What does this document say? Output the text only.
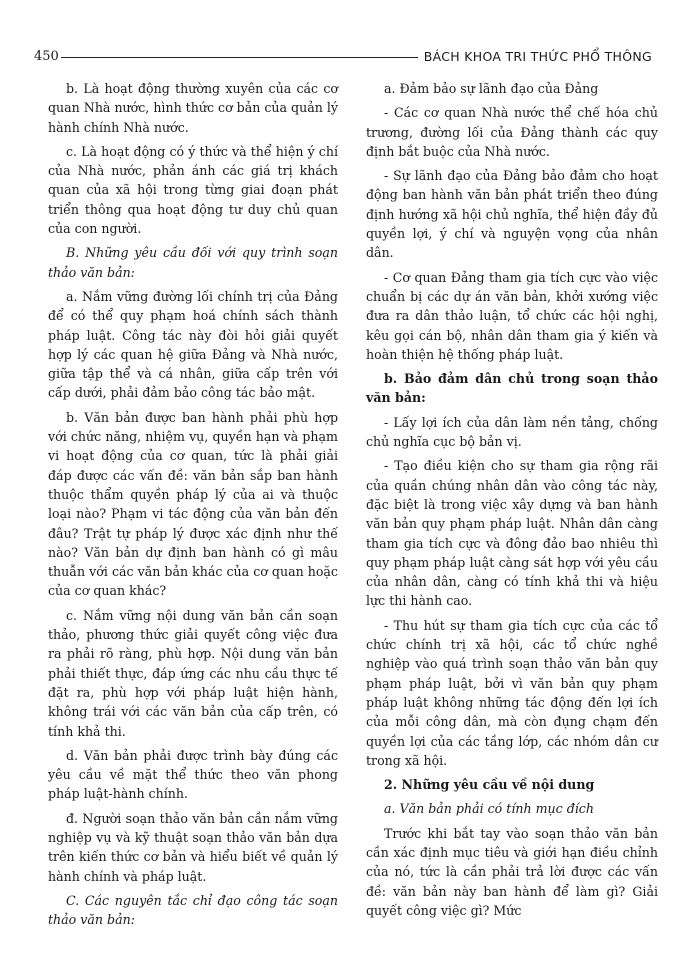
450	BÁCH KHOA TRI THỨC PHỔ THÔNG

b. Là hoạt động thường xuyên của các cơ quan Nhà nước, hình thức cơ bản của quản lý hành chính Nhà nước.

c. Là hoạt động có ý thức và thể hiện ý chí của Nhà nước, phản ánh các giá trị khách quan của xã hội trong từng giai đoạn phát triển thông qua hoạt động tư duy chủ quan của con người.

B. Những yêu cầu đối với quy trình soạn thảo văn bản:

a. Nắm vững đường lối chính trị của Đảng để có thể quy phạm hoá chính sách thành pháp luật. Công tác này đòi hỏi giải quyết hợp lý các quan hệ giữa Đảng và Nhà nước, giữa tập thể và cá nhân, giữa cấp trên với cấp dưới, phải đảm bảo công tác bảo mật.

b. Văn bản được ban hành phải phù hợp với chức năng, nhiệm vụ, quyền hạn và phạm vi hoạt động của cơ quan, tức là phải giải đáp được các vấn đề: văn bản sắp ban hành thuộc thẩm quyền pháp lý của ai và thuộc loại nào? Phạm vi tác động của văn bản đến đâu? Trật tự pháp lý được xác định như thế nào? Văn bản dự định ban hành có gì mâu thuẫn với các văn bản khác của cơ quan hoặc của cơ quan khác?

c. Nắm vững nội dung văn bản cần soạn thảo, phương thức giải quyết công việc đưa ra phải rõ ràng, phù hợp. Nội dung văn bản phải thiết thực, đáp ứng các nhu cầu thực tế đặt ra, phù hợp với pháp luật hiện hành, không trái với các văn bản của cấp trên, có tính khả thi.

d. Văn bản phải được trình bày đúng các yêu cầu về mặt thể thức theo văn phong pháp luật-hành chính.

đ. Người soạn thảo văn bản cần nắm vững nghiệp vụ và kỹ thuật soạn thảo văn bản dựa trên kiến thức cơ bản và hiểu biết về quản lý hành chính và pháp luật.

C. Các nguyên tắc chỉ đạo công tác soạn thảo văn bản:

a. Đảm bảo sự lãnh đạo của Đảng

- Các cơ quan Nhà nước thể chế hóa chủ trương, đường lối của Đảng thành các quy định bắt buộc của Nhà nước.

- Sự lãnh đạo của Đảng bảo đảm cho hoạt động ban hành văn bản phát triển theo đúng định hướng xã hội chủ nghĩa, thể hiện đầy đủ quyền lợi, ý chí và nguyện vọng của nhân dân.

- Cơ quan Đảng tham gia tích cực vào việc chuẩn bị các dự án văn bản, khởi xướng việc đưa ra dân thảo luận, tổ chức các hội nghị, kêu gọi cán bộ, nhân dân tham gia ý kiến và hoàn thiện hệ thống pháp luật.

b. Bảo đảm dân chủ trong soạn thảo văn bản:

- Lấy lợi ích của dân làm nền tảng, chống chủ nghĩa cục bộ bản vị.

- Tạo điều kiện cho sự tham gia rộng rãi của quần chúng nhân dân vào công tác này, đặc biệt là trong việc xây dựng và ban hành văn bản quy phạm pháp luật. Nhân dân càng tham gia tích cực và đông đảo bao nhiêu thì quy phạm pháp luật càng sát hợp với yêu cầu của nhân dân, càng có tính khả thi và hiệu lực thi hành cao.

- Thu hút sự tham gia tích cực của các tổ chức chính trị xã hội, các tổ chức nghề nghiệp vào quá trình soạn thảo văn bản quy phạm pháp luật, bởi vì văn bản quy phạm pháp luật không những tác động đến lợi ích của mỗi công dân, mà còn đụng chạm đến quyền lợi của các tầng lớp, các nhóm dân cư trong xã hội.

2. Những yêu cầu về nội dung

a. Văn bản phải có tính mục đích

Trước khi bắt tay vào soạn thảo văn bản cần xác định mục tiêu và giới hạn điều chỉnh của nó, tức là cần phải trả lời được các vấn đề: văn bản này ban hành để làm gì? Giải quyết công việc gì? Mức
